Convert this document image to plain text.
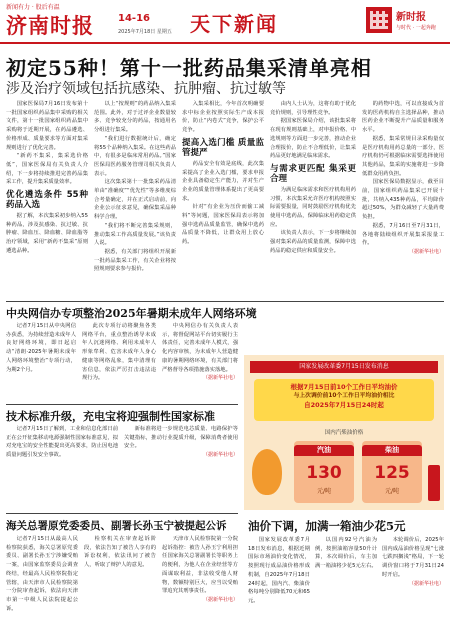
新闻有力 · 股后有温
济南时报 14-16
2025年7月18日 星期五 天下新闻	新时报
与时代 · 一起奔跑
初定55种！第十一批药品集采清单亮相
涉及治疗领域包括抗感染、抗肿瘤、抗过敏等

国家医保局7月16日发布第十一批国家组织药品集中采购的相关文件，第十一批国家组织药品集中采购将于近期开展，在药品遴选、价格形成、质量要求等方面对集采规则进行了优化完善。

“新药不集采，集采选价格低”，国家医保局有关负责人介绍，下一步将持续推进完善药品集采工作，提升集采质量效率。

优化遴选条件 55种药品入选

据了解，本次集采初步纳入55种药品，涉及抗感染、抗过敏、抗肿瘤、降血压、降血糖、降血脂等治疗领域，采用“新药不集采”原则遴选品种。

以上“按规则”的药品纳入集采范围。此外，对于过评企业数量较多、竞争较充分的药品，按通用名分组进行集采。

“我们进行数据统计后，确定将55个品种纳入集采。在这些药品中，有很多是临床常用药品。”国家医保局医药服务管理司相关负责人表示。

这次集采第十一批集采药品清单由“准确度”“优先性”等多维度综合考量确定，并在正式启动前，向企业公示征求意见，确保集采品种科学合理。

“我们将不断完善集采规则，推动集采工作高质量发展。”该负责人说。

据悉，有关部门将组织开展新一批药品集采工作，有关企业将按照规则要求参与报价。

入集采相比，今年首次明确要求中标企业按照实际生产成本报价，防止“内卷式”竞争，保护公平竞争。

提高入选门槛 质量监管提严

药品安全有效是底线，此次集采提高了企业入选门槛，要求申报企业具备稳定生产能力，并对生产企业的质量管理体系提出了更高要求。

针对“有企业为压价而偷工减料”等问题，国家医保局表示将加强中选药品质量监管，确保中选药品质量不降低，让群众用上放心药。

由内人士认为，这将有助于优化竞价规则，引导理性竞争。

据国家医保局介绍，该批集采将在现有规则基础上，对申报价格、中选规则等方面进一步完善，推动企业合理报价，防止不合理低价，让集采药品更好地满足临床需求。

与需求更匹配 集采更合理

为满足临床需求和医疗机构用药习惯，本次集采允许医疗机构按照实际需要报量，同时鼓励医疗机构优先使用中选药品，保障临床用药稳定供应。

该负责人表示，下一步将继续加强对集采药品的质量监测，保障中选药品的稳定供应和质量安全。

的药物中选，可以直接成为首发的医药机构自主选择品种，推动医药企业不断提升产品质量和服务水平。

据悉，集采常规目录采购量仅是医疗机构用药总量的一部分，医疗机构仍可根据临床需要选择使用其他药品，集采的实施将进一步降低群众用药负担。

国家医保局数据显示，截至目前，国家组织药品集采已开展十批，共纳入435种药品，平均降价超过50%，为群众减轻了大量药费负担。

据悉，7月16日至7月31日，各地将陆续组织开展集采报量工作。

（据新华社电）

中央网信办专项整治2025年暑期未成年人网络环境

记者7月15日从中央网信办获悉，为持续营造未成年人良好网络环境，即日起启动“清朗·2025年暑期未成年人网络环境整治”专项行动，为期2个月。

此次专项行动将聚焦各类网络平台，重点整治诱导未成年人沉迷网络、利用未成年人形象牟利、危害未成年人身心健康等网络乱象，集中清理有害信息，依法严厉打击违法违规行为。

中央网信办有关负责人表示，将督促网站平台切实履行主体责任，完善未成年人模式，强化内容审核，为未成年人营造健康的暑期网络环境，有关部门将严格督导各项措施落实落地。

（据新华社电）

技术标准升级，充电宝将迎强制性国家标准

记者7月15日了解到，工业和信息化部日前正在公开征集移动电源强制性国家标准意见，拟对充电宝的安全性能提出更高要求，防止因电池质量问题引发安全事故。

新标准将进一步规范电芯质量、电路保护等关键指标，推动行业提质升级，保障消费者使用安全。

（据新华社电）

海关总署原党委委员、副署长孙玉宁被提起公诉

记者7月15日从最高人民检察院获悉，海关总署原党委委员、副署长孙玉宁涉嫌受贿一案，由国家监察委员会调查终结，经最高人民检察院指定管辖，由天津市人民检察院第一分院审查起诉，依法向天津市第一中级人民法院提起公诉。

检察机关在审查起诉阶段，依法告知了被告人享有的诉讼权利，依法讯问了被告人，听取了辩护人的意见。

天津市人民检察院第一分院起诉指控：被告人孙玉宁利用担任国家海关总署副署长等职务上的便利，为他人在企业经营等方面谋取利益，非法收受他人财物，数额特别巨大，应当以受贿罪追究其刑事责任。

（据新华社电）

国家发展改革委7月15日发布消息
根据7月15日前10个工作日平均油价
与上次调价前10个工作日平均油价相比
自2025年7月15日24时起
国内汽柴油价格
汽油
130
元/吨
柴油
125
元/吨
油价下调，加满一箱油少花5元

国家发展改革委7月18日发布消息，根据近期国际市场油价变化情况，按照现行成品油价格形成机制，自2025年7月18日24时起，国内汽、柴油价格每吨分别降低70元和65元。

以国内92号汽油为例，按照油箱容量50升计算，本次调价后，车主加满一箱油将少花5元左右。

本轮调价后，2025年国内成品油价格呈现“七涨七跌四搁浅”格局，下一轮调价窗口将于7月31日24时开启。

（据新华社电）
